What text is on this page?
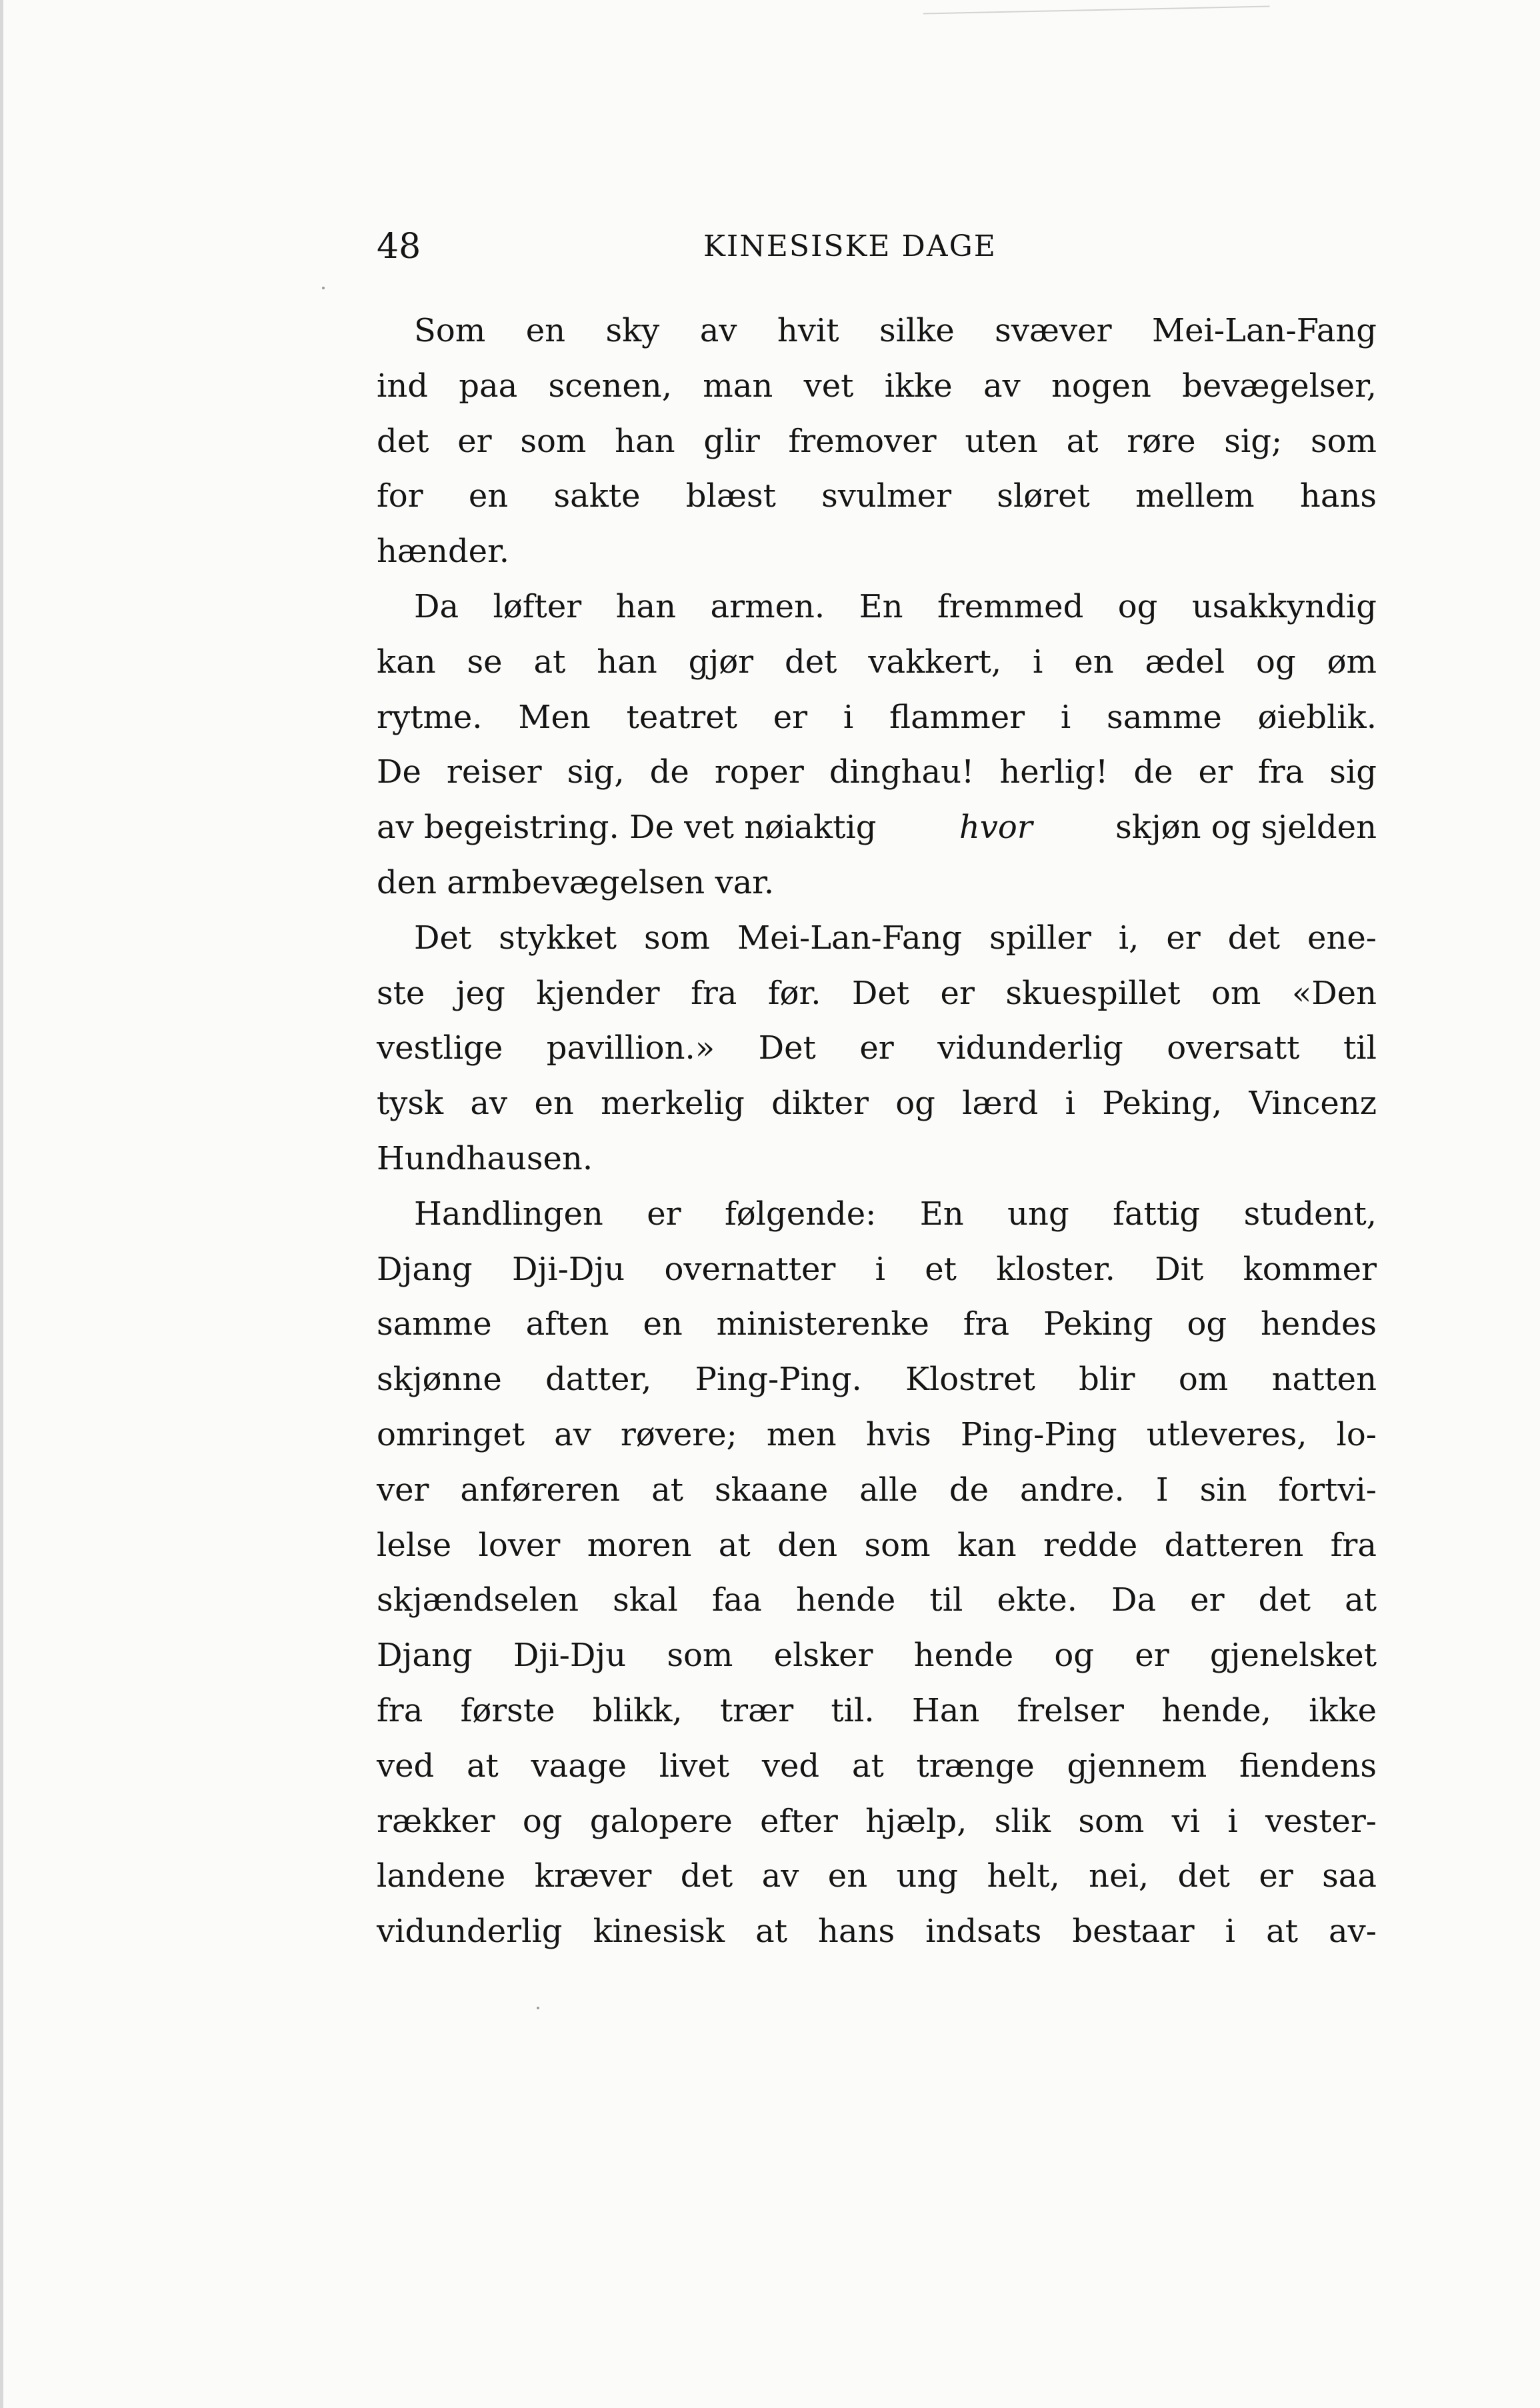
48	KINESISKE DAGE
Som en sky av hvit silke svæver Mei-Lan-Fang
ind paa scenen, man vet ikke av nogen bevægelser,
det er som han glir fremover uten at røre sig; som
for en sakte blæst svulmer sløret mellem hans
hænder.
Da løfter han armen. En fremmed og usakkyndig
kan se at han gjør det vakkert, i en ædel og øm
rytme. Men teatret er i flammer i samme øieblik.
De reiser sig, de roper dinghau! herlig! de er fra sig
av begeistring. De vet nøiaktig	hvor	skjøn og sjelden
den armbevægelsen var.
Det stykket som Mei-Lan-Fang spiller i, er det ene-
ste jeg kjender fra før. Det er skuespillet om «Den
vestlige pavillion.» Det er vidunderlig oversatt til
tysk av en merkelig dikter og lærd i Peking, Vincenz
Hundhausen.
Handlingen er følgende: En ung fattig student,
Djang Dji-Dju overnatter i et kloster. Dit kommer
samme aften en ministerenke fra Peking og hendes
skjønne datter, Ping-Ping. Klostret blir om natten
omringet av røvere; men hvis Ping-Ping utleveres, lo-
ver anføreren at skaane alle de andre. I sin fortvi-
lelse lover moren at den som kan redde datteren fra
skjændselen skal faa hende til ekte. Da er det at
Djang Dji-Dju som elsker hende og er gjenelsket
fra første blikk, trær til. Han frelser hende, ikke
ved at vaage livet ved at trænge gjennem fiendens
rækker og galopere efter hjælp, slik som vi i vester-
landene kræver det av en ung helt, nei, det er saa
vidunderlig kinesisk at hans indsats bestaar i at av-
